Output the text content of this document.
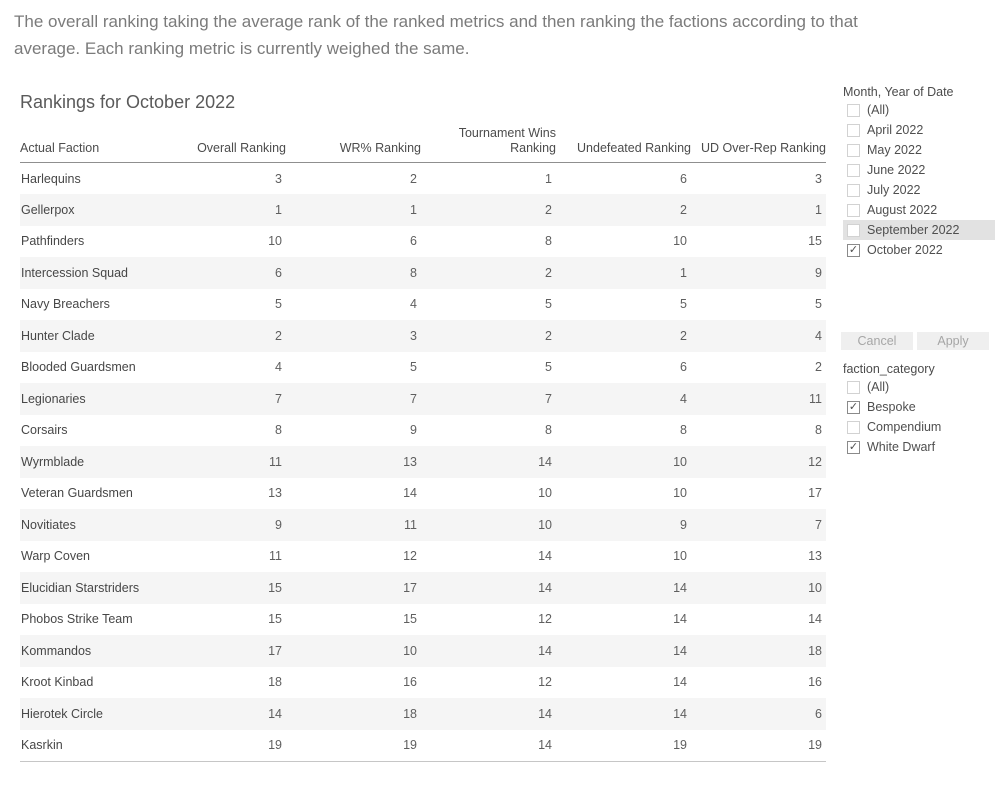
The overall ranking taking the average rank of the ranked metrics and then ranking the factions according to that average. Each ranking metric is currently weighed the same.
Rankings for October 2022
Actual Faction	Overall Ranking	WR% Ranking	Tournament Wins Ranking	Undefeated Ranking	UD Over-Rep Ranking
Harlequins	3	2	1	6	3
Gellerpox	1	1	2	2	1
Pathfinders	10	6	8	10	15
Intercession Squad	6	8	2	1	9
Navy Breachers	5	4	5	5	5
Hunter Clade	2	3	2	2	4
Blooded Guardsmen	4	5	5	6	2
Legionaries	7	7	7	4	11
Corsairs	8	9	8	8	8
Wyrmblade	11	13	14	10	12
Veteran Guardsmen	13	14	10	10	17
Novitiates	9	11	10	9	7
Warp Coven	11	12	14	10	13
Elucidian Starstriders	15	17	14	14	10
Phobos Strike Team	15	15	12	14	14
Kommandos	17	10	14	14	18
Kroot Kinbad	18	16	12	14	16
Hierotek Circle	14	18	14	14	6
Kasrkin	19	19	14	19	19
Month, Year of Date
(All)
April 2022
May 2022
June 2022
July 2022
August 2022
September 2022
✓ October 2022
Cancel	Apply
faction_category
(All)
✓ Bespoke
Compendium
✓ White Dwarf
